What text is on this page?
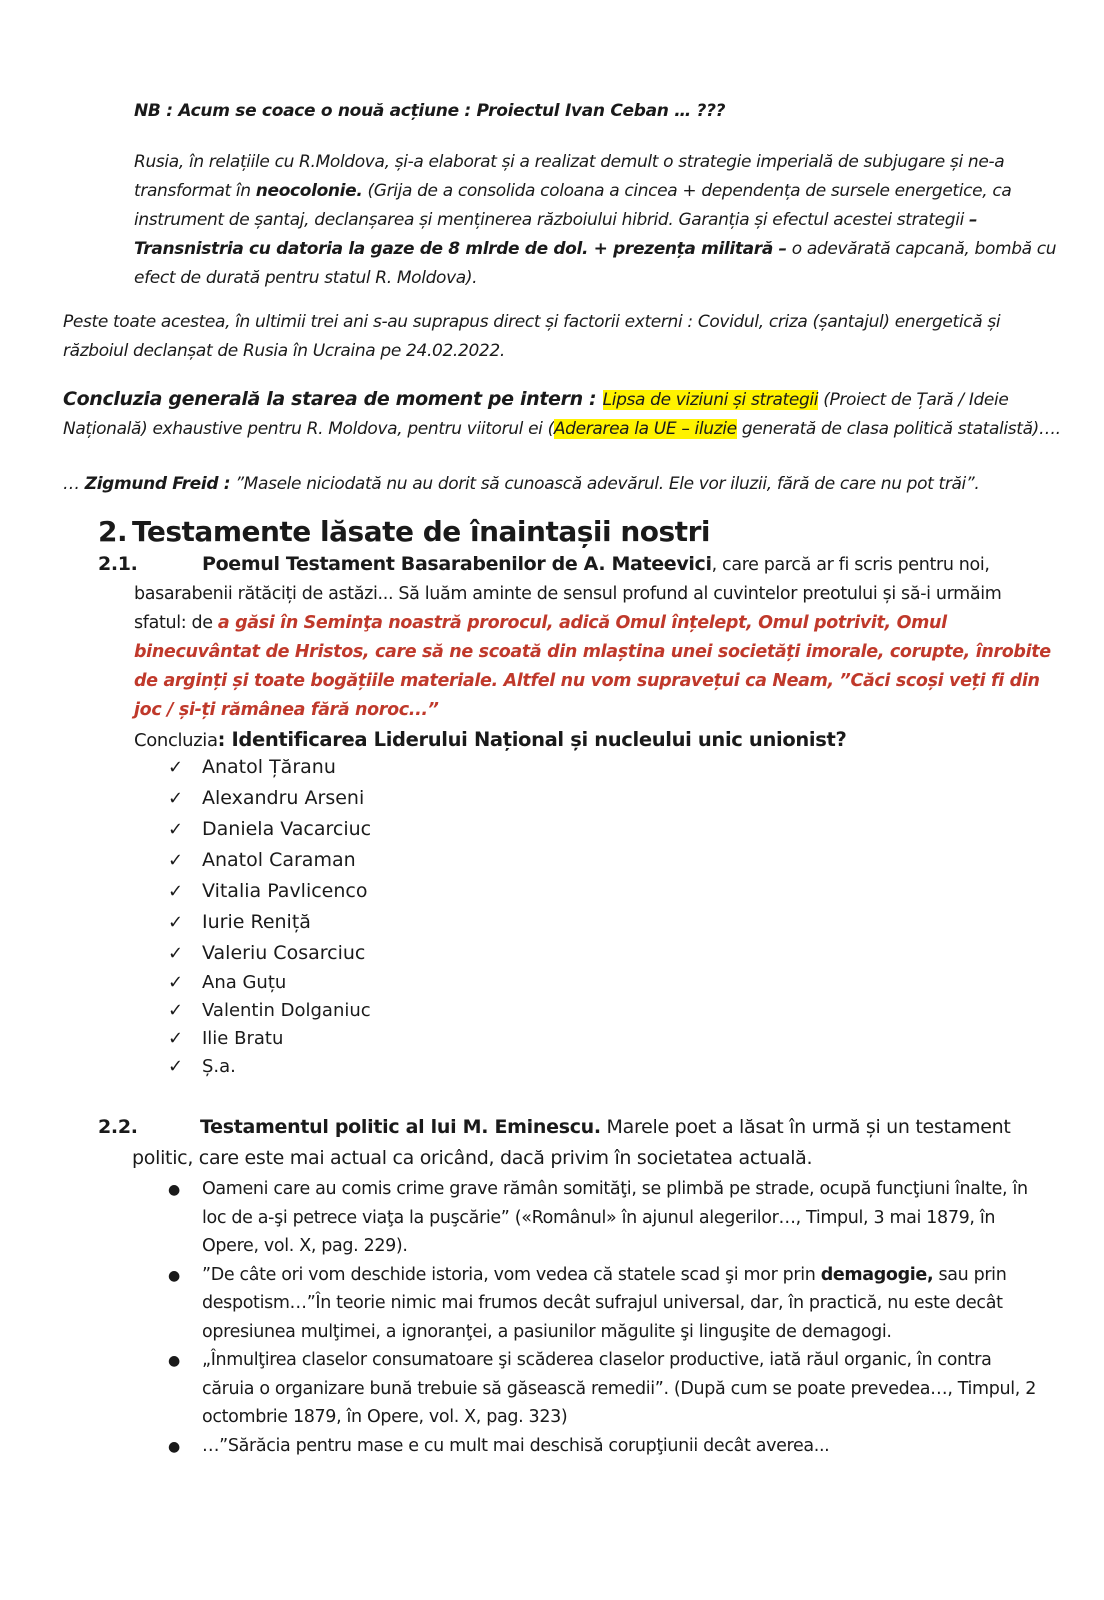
NB : Acum se coace o nouă acțiune : Proiectul Ivan Ceban … ???

Rusia, în relațiile cu R.Moldova, și-a elaborat și a realizat demult o strategie imperială de subjugare și ne-a transformat în neocolonie. (Grija de a consolida coloana a cincea + dependența de sursele energetice, ca instrument de șantaj, declanșarea și menținerea războiului hibrid. Garanția și efectul acestei strategii – Transnistria cu datoria la gaze de 8 mlrde de dol. + prezența militară – o adevărată capcană, bombă cu efect de durată pentru statul R. Moldova).

Peste toate acestea, în ultimii trei ani s-au suprapus direct și factorii externi : Covidul, criza (șantajul) energetică și războiul declanșat de Rusia în Ucraina pe 24.02.2022.

Concluzia generală la starea de moment pe intern : Lipsa de viziuni și strategii (Proiect de Țară / Ideie Națională) exhaustive pentru R. Moldova, pentru viitorul ei (Aderarea la UE – iluzie generată de clasa politică statalistă)….

… Zigmund Freid : ”Masele niciodată nu au dorit să cunoască adevărul. Ele vor iluzii, fără de care nu pot trăi”.

2. Testamente lăsate de înaintașii nostri
2.1.	Poemul Testament Basarabenilor de A. Mateevici, care parcă ar fi scris pentru noi,
basarabenii rătăciți de astăzi... Să luăm aminte de sensul profund al cuvintelor preotului și să-i urmăim sfatul: de a găsi în Seminţa noastră prorocul, adică Omul înțelept, Omul potrivit, Omul binecuvântat de Hristos, care să ne scoată din mlaștina unei societăți imorale, corupte, înrobite de arginți și toate bogățiile materiale. Altfel nu vom supravețui ca Neam, ”Căci scoși veți fi din joc / și-ți rămânea fără noroc...”
Concluzia: Identificarea Liderului Național și nucleului unic unionist?
✓ Anatol Țăranu
✓ Alexandru Arseni
✓ Daniela Vacarciuc
✓ Anatol Caraman
✓ Vitalia Pavlicenco
✓ Iurie Reniță
✓ Valeriu Cosarciuc
✓	Ana Guțu
✓	Valentin Dolganiuc
✓	Ilie Bratu
✓	Ș.a.
2.2.	Testamentul politic al lui M. Eminescu. Marele poet a lăsat în urmă și un testament
politic, care este mai actual ca oricând, dacă privim în societatea actuală.
●	Oameni care au comis crime grave rămân somităţi, se plimbă pe strade, ocupă funcţiuni înalte, în loc de a-şi petrece viaţa la puşcărie” («Românul» în ajunul alegerilor…, Timpul, 3 mai 1879, în Opere, vol. X, pag. 229).
●	”De câte ori vom deschide istoria, vom vedea că statele scad şi mor prin demagogie, sau prin despotism…”În teorie nimic mai frumos decât sufrajul universal, dar, în practică, nu este decât opresiunea mulţimei, a ignoranţei, a pasiunilor măgulite şi linguşite de demagogi.
●	„Înmulţirea claselor consumatoare şi scăderea claselor productive, iată răul organic, în contra căruia o organizare bună trebuie să găsească remedii”. (După cum se poate prevedea…, Timpul, 2 octombrie 1879, în Opere, vol. X, pag. 323)
●	…”Sărăcia pentru mase e cu mult mai deschisă corupţiunii decât averea...
